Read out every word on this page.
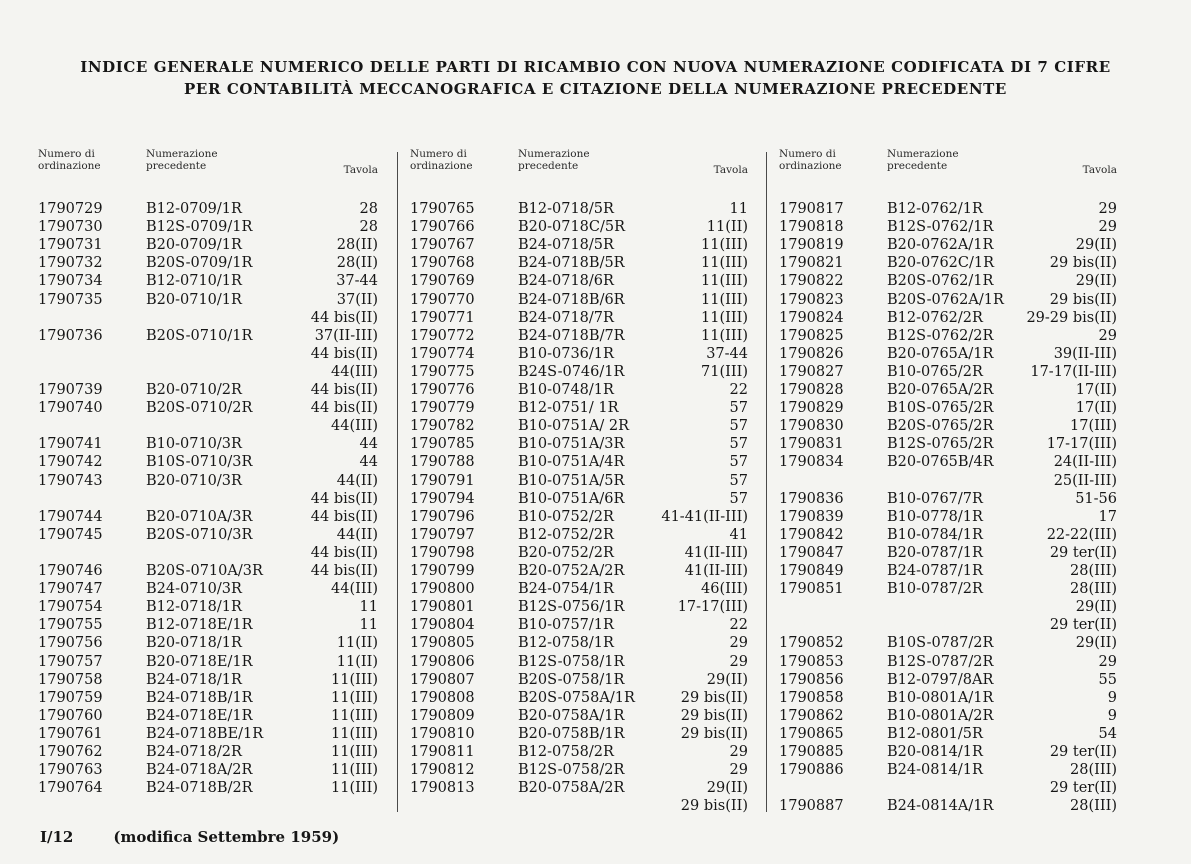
INDICE GENERALE NUMERICO DELLE PARTI DI RICAMBIO CON NUOVA NUMERAZIONE CODIFICATA DI 7 CIFRE
PER CONTABILITÀ MECCANOGRAFICA E CITAZIONE DELLA NUMERAZIONE PRECEDENTE
Numero di
ordinazione
Numerazione
precedente	Tavola
1790729	B12-0709/1R	28
1790730	B12S-0709/1R	28
1790731	B20-0709/1R	28(II)
1790732	B20S-0709/1R	28(II)
1790734	B12-0710/1R	37-44
1790735	B20-0710/1R	37(II)
44 bis(II)
1790736	B20S-0710/1R	37(II-III)
44 bis(II)
44(III)
1790739	B20-0710/2R	44 bis(II)
1790740	B20S-0710/2R	44 bis(II)
44(III)
1790741	B10-0710/3R	44
1790742	B10S-0710/3R	44
1790743	B20-0710/3R	44(II)
44 bis(II)
1790744	B20-0710A/3R	44 bis(II)
1790745	B20S-0710/3R	44(II)
44 bis(II)
1790746	B20S-0710A/3R	44 bis(II)
1790747	B24-0710/3R	44(III)
1790754	B12-0718/1R	11
1790755	B12-0718E/1R	11
1790756	B20-0718/1R	11(II)
1790757	B20-0718E/1R	11(II)
1790758	B24-0718/1R	11(III)
1790759	B24-0718B/1R	11(III)
1790760	B24-0718E/1R	11(III)
1790761	B24-0718BE/1R	11(III)
1790762	B24-0718/2R	11(III)
1790763	B24-0718A/2R	11(III)
1790764	B24-0718B/2R	11(III)
Numero di
ordinazione
Numerazione
precedente	Tavola
1790765	B12-0718/5R	11
1790766	B20-0718C/5R	11(II)
1790767	B24-0718/5R	11(III)
1790768	B24-0718B/5R	11(III)
1790769	B24-0718/6R	11(III)
1790770	B24-0718B/6R	11(III)
1790771	B24-0718/7R	11(III)
1790772	B24-0718B/7R	11(III)
1790774	B10-0736/1R	37-44
1790775	B24S-0746/1R	71(III)
1790776	B10-0748/1R	22
1790779	B12-0751/ 1R	57
1790782	B10-0751A/ 2R	57
1790785	B10-0751A/3R	57
1790788	B10-0751A/4R	57
1790791	B10-0751A/5R	57
1790794	B10-0751A/6R	57
1790796	B10-0752/2R	41-41(II-III)
1790797	B12-0752/2R	41
1790798	B20-0752/2R	41(II-III)
1790799	B20-0752A/2R	41(II-III)
1790800	B24-0754/1R	46(III)
1790801	B12S-0756/1R	17-17(III)
1790804	B10-0757/1R	22
1790805	B12-0758/1R	29
1790806	B12S-0758/1R	29
1790807	B20S-0758/1R	29(II)
1790808	B20S-0758A/1R	29 bis(II)
1790809	B20-0758A/1R	29 bis(II)
1790810	B20-0758B/1R	29 bis(II)
1790811	B12-0758/2R	29
1790812	B12S-0758/2R	29
1790813	B20-0758A/2R	29(II)
29 bis(II)
Numero di
ordinazione
Numerazione
precedente	Tavola
1790817	B12-0762/1R	29
1790818	B12S-0762/1R	29
1790819	B20-0762A/1R	29(II)
1790821	B20-0762C/1R	29 bis(II)
1790822	B20S-0762/1R	29(II)
1790823	B20S-0762A/1R	29 bis(II)
1790824	B12-0762/2R	29-29 bis(II)
1790825	B12S-0762/2R	29
1790826	B20-0765A/1R	39(II-III)
1790827	B10-0765/2R	17-17(II-III)
1790828	B20-0765A/2R	17(II)
1790829	B10S-0765/2R	17(II)
1790830	B20S-0765/2R	17(III)
1790831	B12S-0765/2R	17-17(III)
1790834	B20-0765B/4R	24(II-III)
25(II-III)
1790836	B10-0767/7R	51-56
1790839	B10-0778/1R	17
1790842	B10-0784/1R	22-22(III)
1790847	B20-0787/1R	29 ter(II)
1790849	B24-0787/1R	28(III)
1790851	B10-0787/2R	28(III)
29(II)
29 ter(II)
1790852	B10S-0787/2R	29(II)
1790853	B12S-0787/2R	29
1790856	B12-0797/8AR	55
1790858	B10-0801A/1R	9
1790862	B10-0801A/2R	9
1790865	B12-0801/5R	54
1790885	B20-0814/1R	29 ter(II)
1790886	B24-0814/1R	28(III)
29 ter(II)
1790887	B24-0814A/1R	28(III)
I/12	(modifica Settembre 1959)
